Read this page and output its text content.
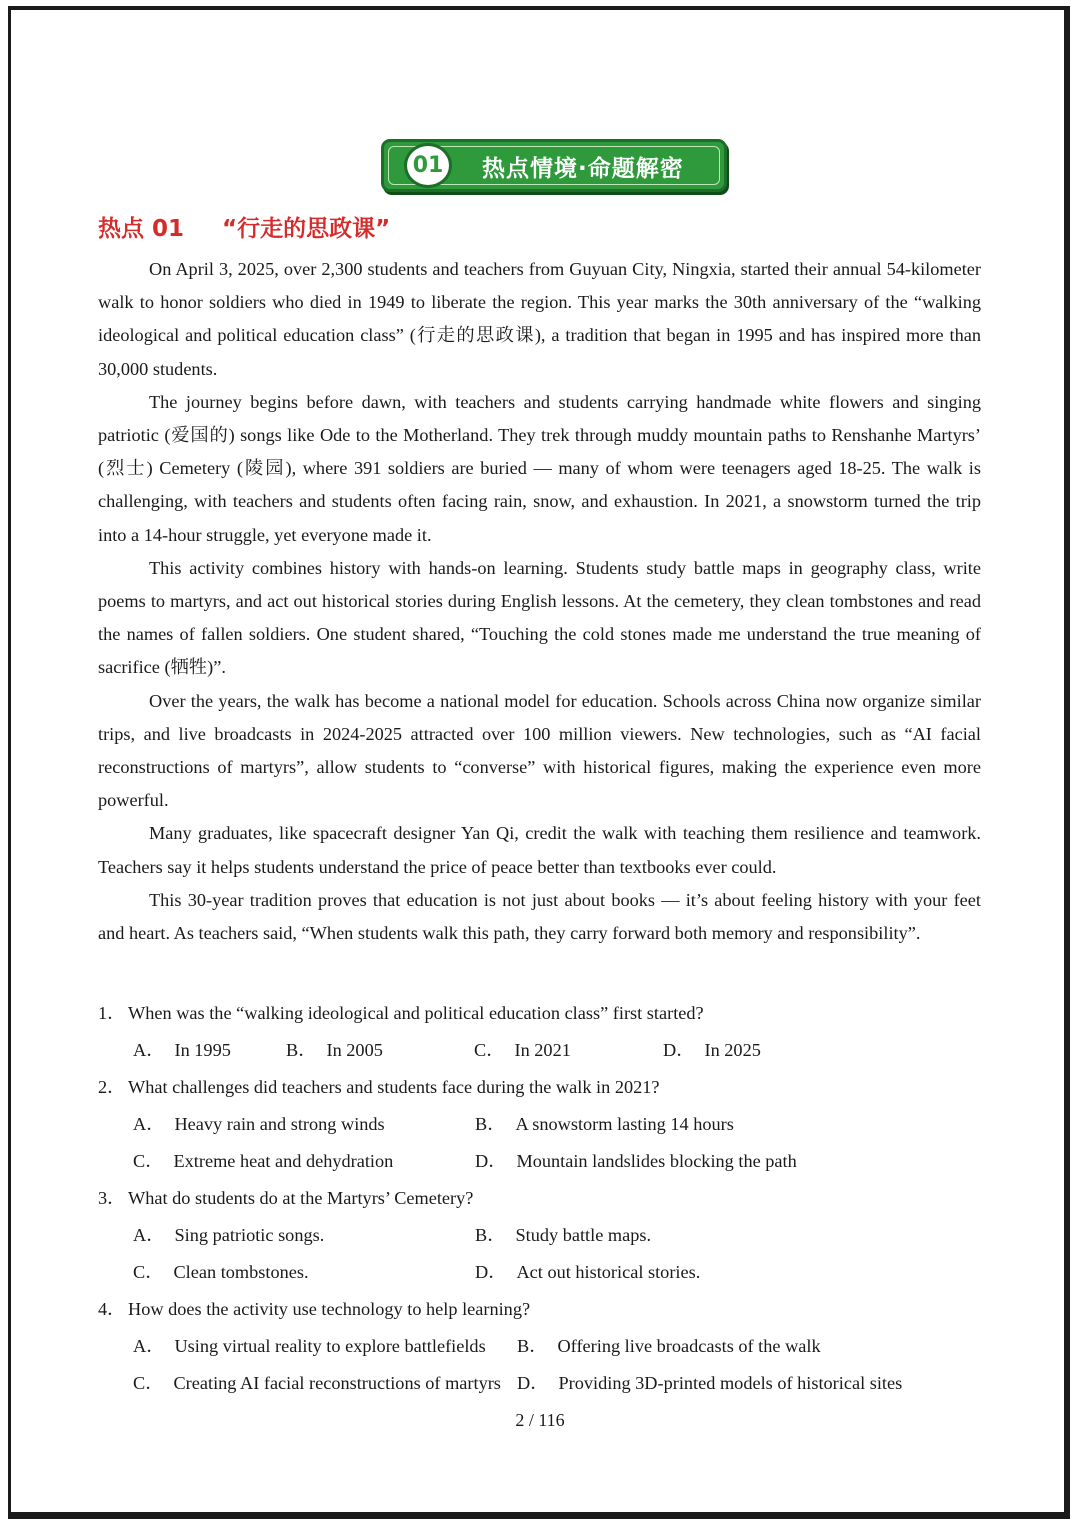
01	热点情境·命题解密
热点 01 “行走的思政课”

On April 3, 2025, over 2,300 students and teachers from Guyuan City, Ningxia, started their annual 54-kilometer walk to honor soldiers who died in 1949 to liberate the region. This year marks the 30th anniversary of the “walking ideological and political education class” (行走的思政课), a tradition that began in 1995 and has inspired more than 30,000 students.

The journey begins before dawn, with teachers and students carrying handmade white flowers and singing patriotic (爱国的) songs like Ode to the Motherland. They trek through muddy mountain paths to Renshanhe Martyrs’ (烈士) Cemetery (陵园), where 391 soldiers are buried — many of whom were teenagers aged 18-25. The walk is challenging, with teachers and students often facing rain, snow, and exhaustion. In 2021, a snowstorm turned the trip into a 14-hour struggle, yet everyone made it.

This activity combines history with hands-on learning. Students study battle maps in geography class, write poems to martyrs, and act out historical stories during English lessons. At the cemetery, they clean tombstones and read the names of fallen soldiers. One student shared, “Touching the cold stones made me understand the true meaning of sacrifice (牺牲)”.

Over the years, the walk has become a national model for education. Schools across China now organize similar trips, and live broadcasts in 2024-2025 attracted over 100 million viewers. New technologies, such as “AI facial reconstructions of martyrs”, allow students to “converse” with historical figures, making the experience even more powerful.

Many graduates, like spacecraft designer Yan Qi, credit the walk with teaching them resilience and teamwork. Teachers say it helps students understand the price of peace better than textbooks ever could.

This 30-year tradition proves that education is not just about books — it’s about feeling history with your feet and heart. As teachers said, “When students walk this path, they carry forward both memory and responsibility”.

1． When was the “walking ideological and political education class” first started?
A． In 1995	B． In 2005	C． In 2021	D． In 2025
2． What challenges did teachers and students face during the walk in 2021?
A． Heavy rain and strong winds	B． A snowstorm lasting 14 hours
C． Extreme heat and dehydration	D． Mountain landslides blocking the path
3． What do students do at the Martyrs’ Cemetery?
A． Sing patriotic songs.	B． Study battle maps.
C． Clean tombstones.	D． Act out historical stories.
4． How does the activity use technology to help learning?
A． Using virtual reality to explore battlefields B． Offering live broadcasts of the walk
C． Creating AI facial reconstructions of martyrs D． Providing 3D-printed models of historical sites
2 / 116
